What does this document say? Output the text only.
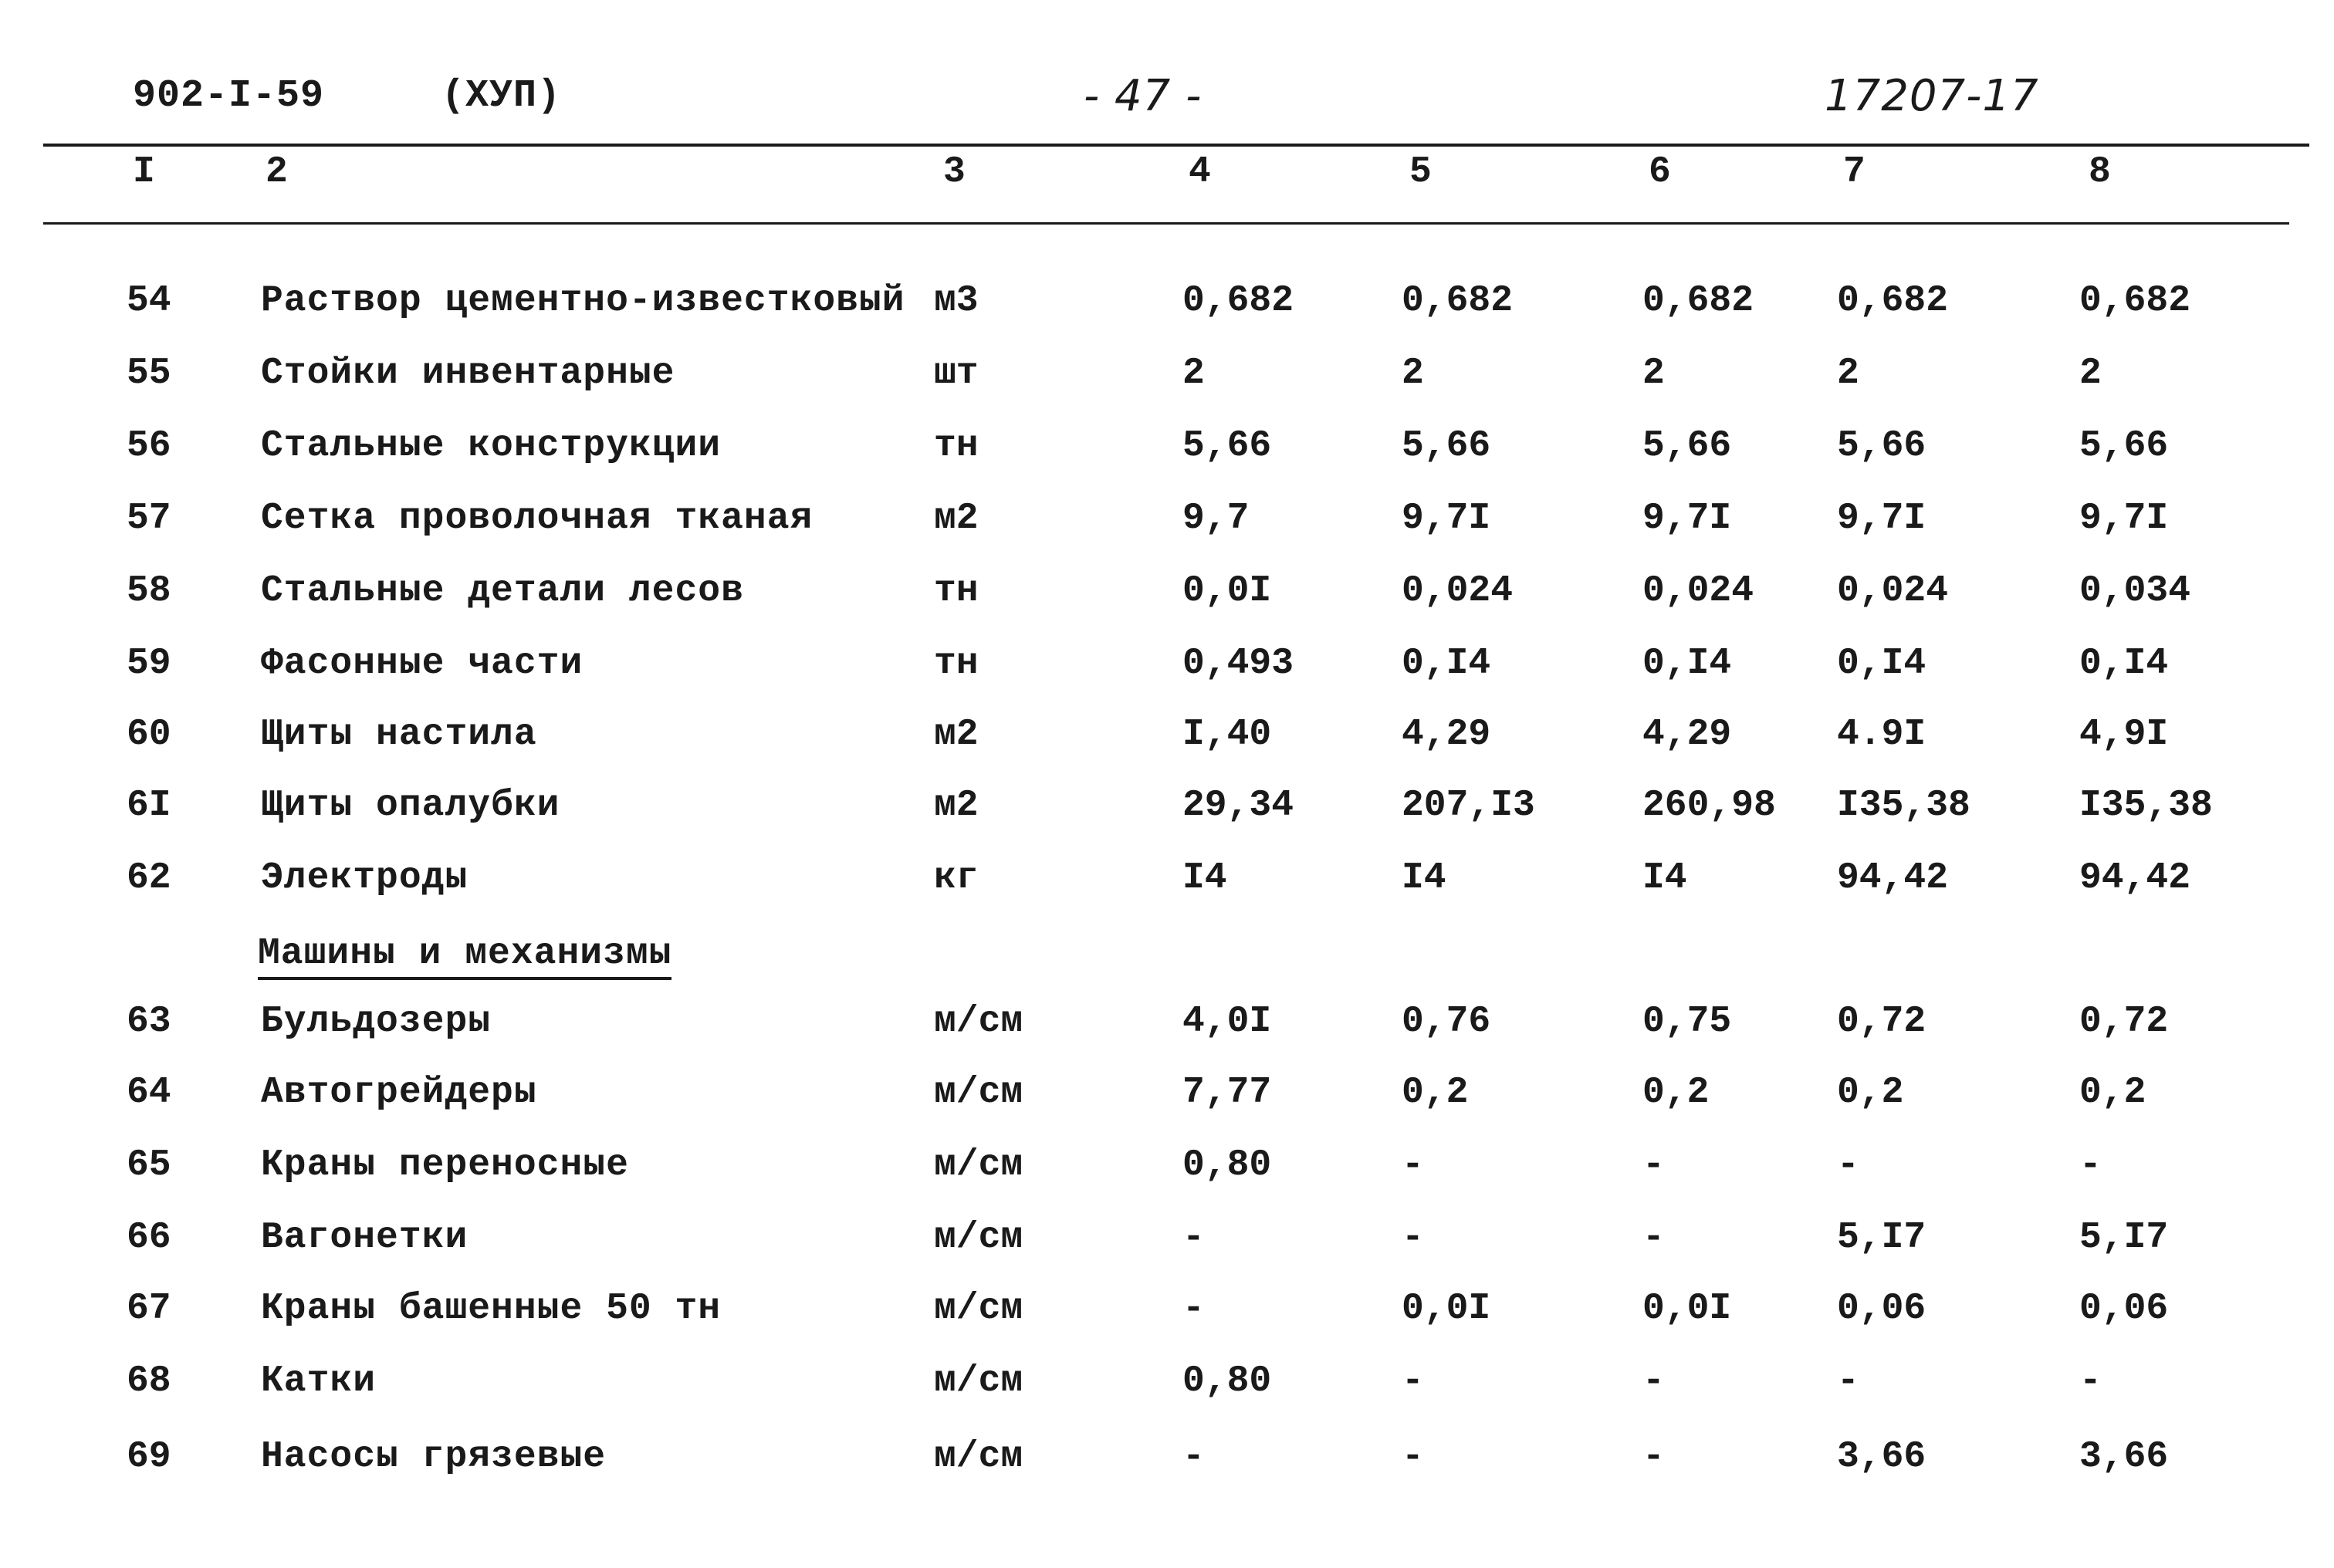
902-I-59	(ХУП)	- 47 -	17207-17
I	2	3	4	5	6	7	8
54 Раствор цементно-известковый м3	0,682	0,682	0,682 0,682	0,682
55 Стойки инвентарные	шт	2	2	2	2	2
56 Стальные конструкции	тн	5,66	5,66	5,66	5,66	5,66
57 Сетка проволочная тканая	м2	9,7	9,7I	9,7I	9,7I	9,7I
58 Стальные детали лесов	тн	0,0I	0,024	0,024 0,024	0,034
59 Фасонные части	тн	0,493	0,I4	0,I4	0,I4	0,I4
60 Щиты настила	м2	I,40	4,29	4,29	4.9I	4,9I
6I Щиты опалубки	м2	29,34	207,I3	260,98 I35,38	I35,38
62 Электроды	кг	I4	I4	I4	94,42	94,42
Машины и механизмы
63 Бульдозеры	м/см	4,0I	0,76	0,75	0,72	0,72
64 Автогрейдеры	м/см	7,77	0,2	0,2	0,2	0,2
65 Краны переносные	м/см	0,80	-	-	-	-
66 Вагонетки	м/см	-	-	-	5,I7	5,I7
67 Краны башенные 50 тн	м/см	-	0,0I	0,0I	0,06	0,06
68 Катки	м/см	0,80	-	-	-	-
69 Насосы грязевые	м/см	-	-	-	3,66	3,66
